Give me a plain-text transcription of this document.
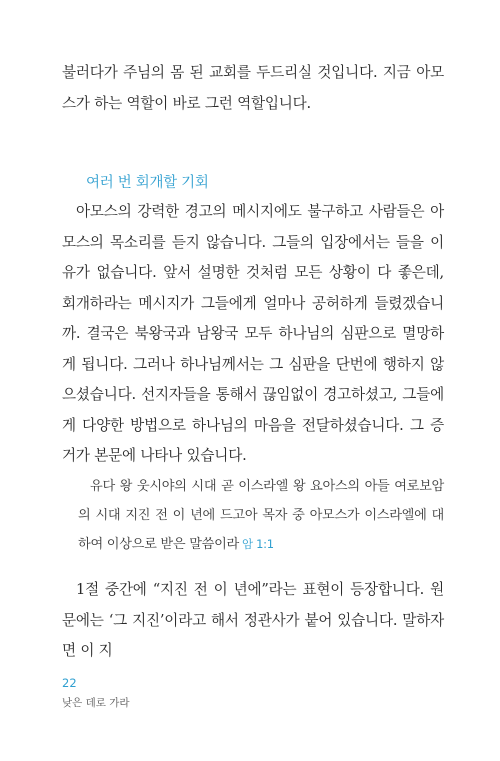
불러다가 주님의 몸 된 교회를 두드리실 것입니다. 지금 아모스가 하는 역할이 바로 그런 역할입니다.

여러 번 회개할 기회

아모스의 강력한 경고의 메시지에도 불구하고 사람들은 아모스의 목소리를 듣지 않습니다. 그들의 입장에서는 들을 이유가 없습니다. 앞서 설명한 것처럼 모든 상황이 다 좋은데, 회개하라는 메시지가 그들에게 얼마나 공허하게 들렸겠습니까. 결국은 북왕국과 남왕국 모두 하나님의 심판으로 멸망하게 됩니다. 그러나 하나님께서는 그 심판을 단번에 행하지 않으셨습니다. 선지자들을 통해서 끊임없이 경고하셨고, 그들에게 다양한 방법으로 하나님의 마음을 전달하셨습니다. 그 증거가 본문에 나타나 있습니다.

유다 왕 웃시야의 시대 곧 이스라엘 왕 요아스의 아들 여로보암의 시대 지진 전 이 년에 드고아 목자 중 아모스가 이스라엘에 대하여 이상으로 받은 말씀이라 암 1:1

1절 중간에 “지진 전 이 년에”라는 표현이 등장합니다. 원문에는 ‘그 지진’이라고 해서 정관사가 붙어 있습니다. 말하자면 이 지

22

낮은 데로 가라
